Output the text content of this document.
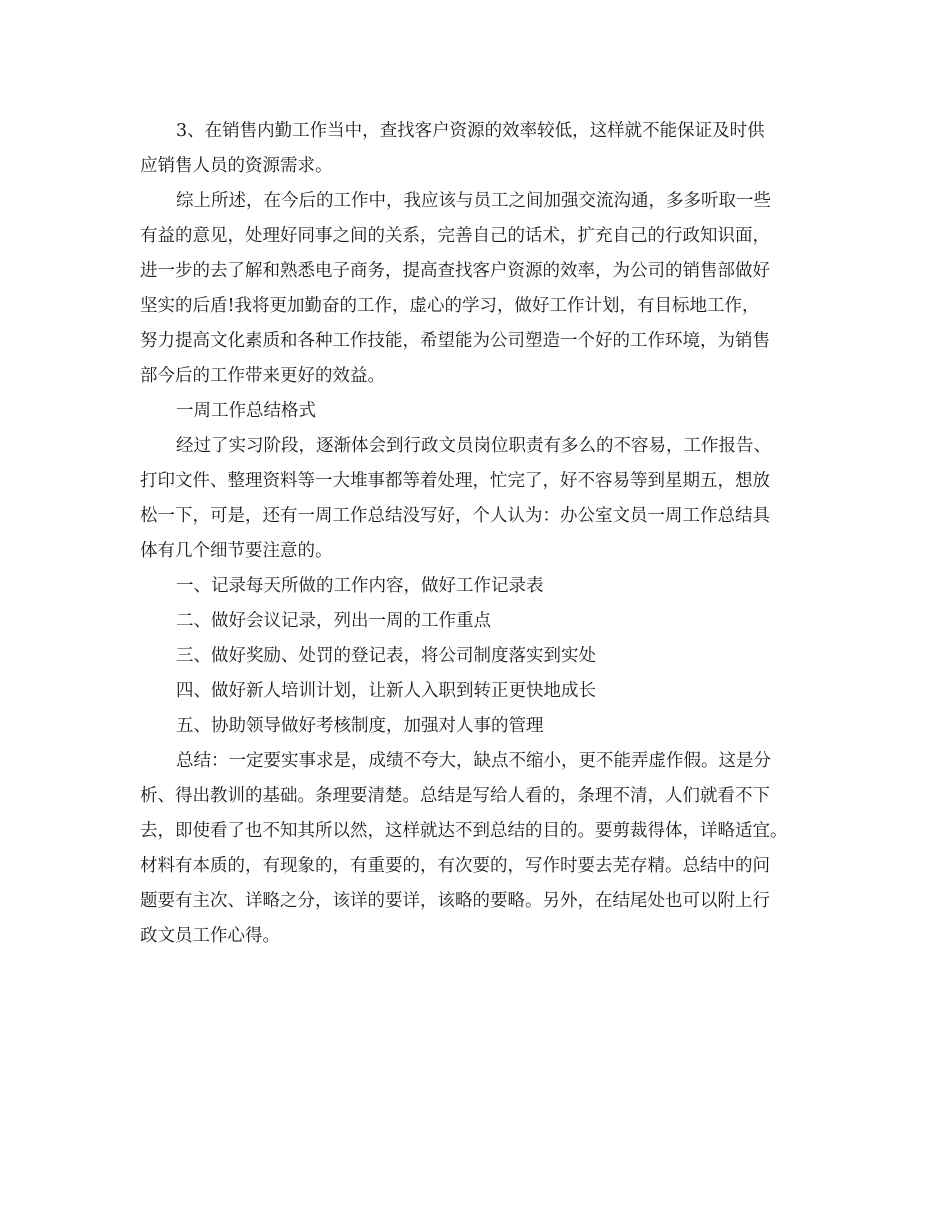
3、在销售内勤工作当中，查找客户资源的效率较低，这样就不能保证及时供
应销售人员的资源需求。
综上所述，在今后的工作中，我应该与员工之间加强交流沟通，多多听取一些
有益的意见，处理好同事之间的关系，完善自己的话术，扩充自己的行政知识面，
进一步的去了解和熟悉电子商务，提高查找客户资源的效率，为公司的销售部做好
坚实的后盾!我将更加勤奋的工作，虚心的学习，做好工作计划，有目标地工作，
努力提高文化素质和各种工作技能，希望能为公司塑造一个好的工作环境，为销售
部今后的工作带来更好的效益。
一周工作总结格式
经过了实习阶段，逐渐体会到行政文员岗位职责有多么的不容易，工作报告、
打印文件、整理资料等一大堆事都等着处理，忙完了，好不容易等到星期五，想放
松一下，可是，还有一周工作总结没写好，个人认为：办公室文员一周工作总结具
体有几个细节要注意的。
一、记录每天所做的工作内容，做好工作记录表
二、做好会议记录，列出一周的工作重点
三、做好奖励、处罚的登记表，将公司制度落实到实处
四、做好新人培训计划，让新人入职到转正更快地成长
五、协助领导做好考核制度，加强对人事的管理
总结：一定要实事求是，成绩不夸大，缺点不缩小，更不能弄虚作假。这是分
析、得出教训的基础。条理要清楚。总结是写给人看的，条理不清，人们就看不下
去，即使看了也不知其所以然，这样就达不到总结的目的。要剪裁得体，详略适宜。
材料有本质的，有现象的，有重要的，有次要的，写作时要去芜存精。总结中的问
题要有主次、详略之分，该详的要详，该略的要略。另外，在结尾处也可以附上行
政文员工作心得。
